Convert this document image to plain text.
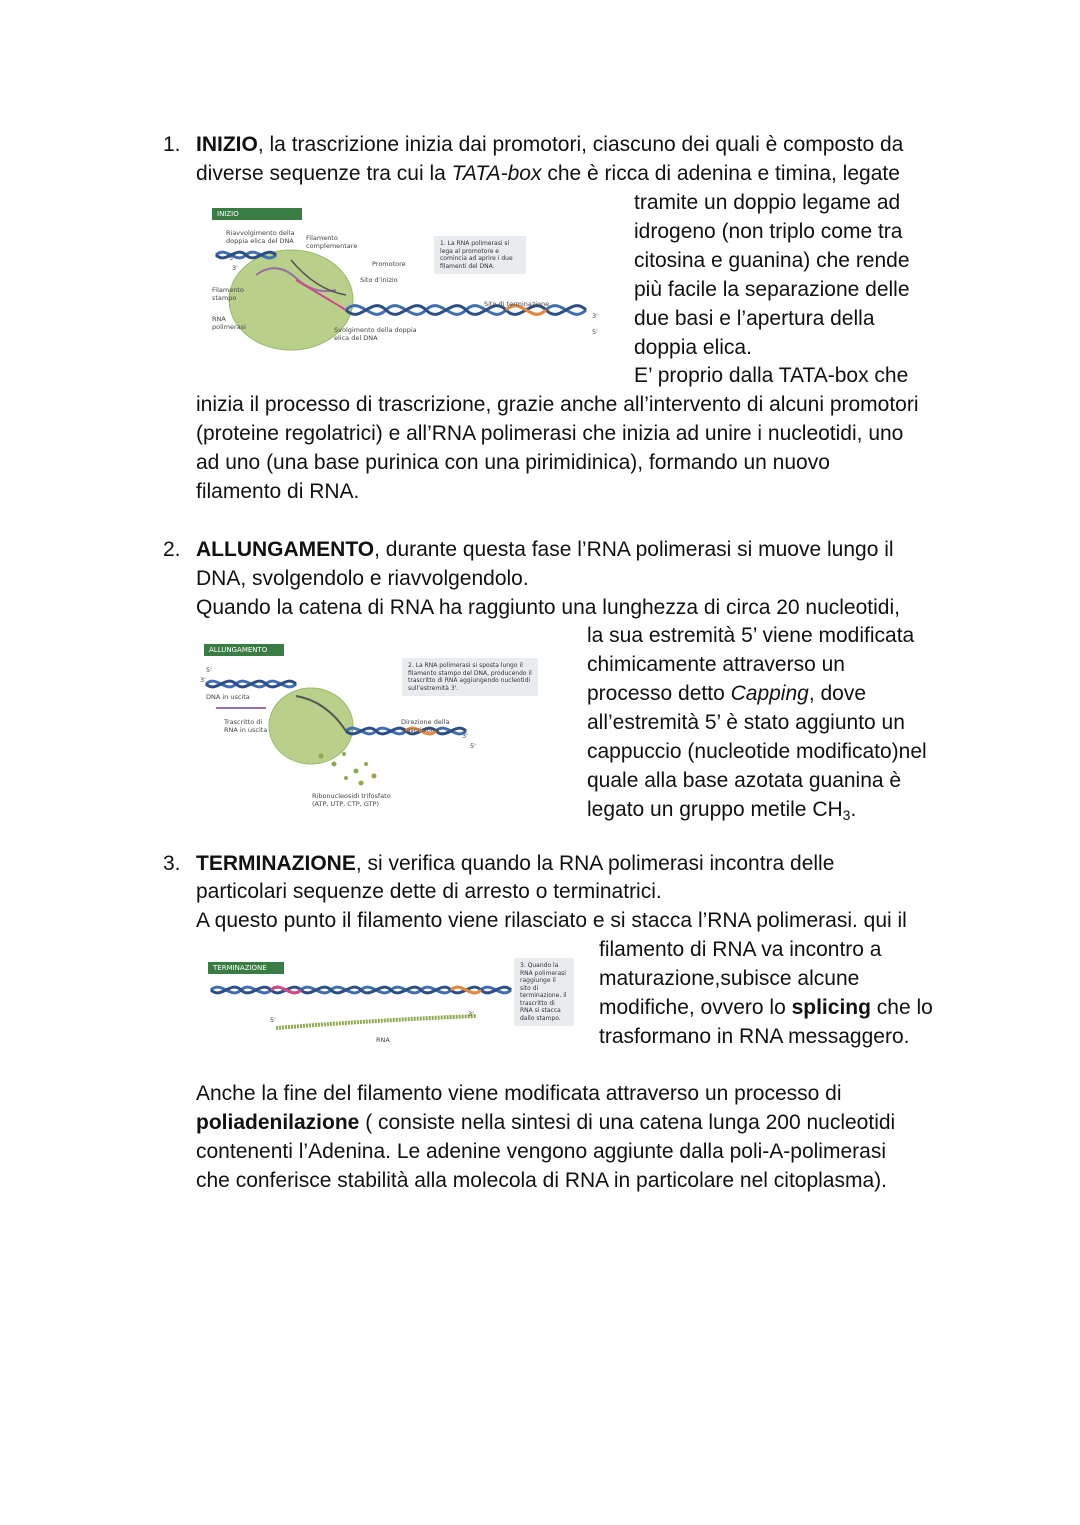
1. INIZIO, la trascrizione inizia dai promotori, ciascuno dei quali è composto da

diverse sequenze tra cui la TATA-box che è ricca di adenina e timina, legate

tramite un doppio legame ad

idrogeno (non triplo come tra

citosina e guanina) che rende

più facile la separazione delle

due basi e l’apertura della

doppia elica.

E’ proprio dalla TATA-box che

inizia il processo di trascrizione, grazie anche all’intervento di alcuni promotori

(proteine regolatrici) e all’RNA polimerasi che inizia ad unire i nucleotidi, uno

ad uno (una base purinica con una pirimidinica), formando un nuovo

filamento di RNA.

INIZIO
Riavvolgimento della doppia elica del DNA	Filamento complementare
Promotore
Sito d’inizio
Filamento stampo
RNA polimerasi	Svolgimento della doppia elica del DNA
Sito di terminazione
5'
3'
3'
5'
1. La RNA polimerasi si lega al promotore e comincia ad aprire i due filamenti del DNA.
2. ALLUNGAMENTO, durante questa fase l’RNA polimerasi si muove lungo il

DNA, svolgendolo e riavvolgendolo.

Quando la catena di RNA ha raggiunto una lunghezza di circa 20 nucleotidi,

la sua estremità 5’ viene modificata

chimicamente attraverso un

processo detto Capping, dove

all’estremità 5’ è stato aggiunto un

cappuccio (nucleotide modificato)nel

quale alla base azotata guanina è

legato un gruppo metile $CH_3$.

ALLUNGAMENTO
5'
3'
DNA in uscita
Trascritto di RNA in uscita
Direzione della trascrizione
Ribonucleosidi trifosfato (ATP, UTP, CTP, GTP)
3'
5'
2. La RNA polimerasi si sposta lungo il filamento stampo del DNA, producendo il trascritto di RNA aggiungendo nucleotidi sull’estremità 3'.
3. TERMINAZIONE, si verifica quando la RNA polimerasi incontra delle

particolari sequenze dette di arresto o terminatrici.

A questo punto il filamento viene rilasciato e si stacca l’RNA polimerasi. qui il

filamento di RNA va incontro a

maturazione,subisce alcune

modifiche, ovvero lo splicing che lo

trasformano in RNA messaggero.

TERMINAZIONE
5'
3'
RNA
3. Quando la RNA polimerasi raggiunge il sito di terminazione, il trascritto di RNA si stacca dallo stampo.

Anche la fine del filamento viene modificata attraverso un processo di

poliadenilazione ( consiste nella sintesi di una catena lunga 200 nucleotidi

contenenti l’Adenina. Le adenine vengono aggiunte dalla poli-A-polimerasi

che conferisce stabilità alla molecola di RNA in particolare nel citoplasma).
